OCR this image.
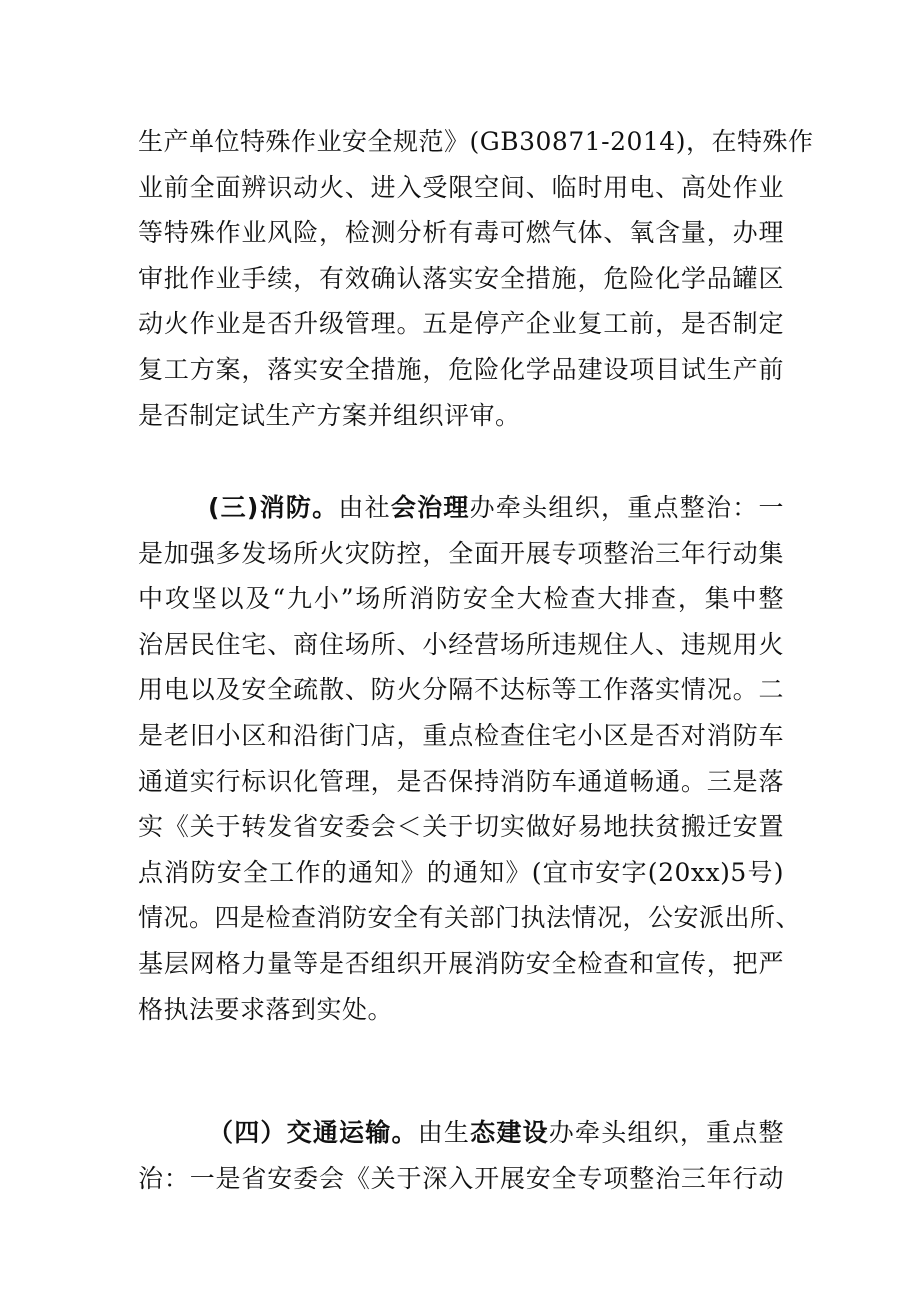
生产单位特殊作业安全规范》(GB30871-2014)，在特殊作
业前全面辨识动火、进入受限空间、临时用电、高处作业
等特殊作业风险，检测分析有毒可燃气体、氧含量，办理
审批作业手续，有效确认落实安全措施，危险化学品罐区
动火作业是否升级管理。五是停产企业复工前，是否制定
复工方案，落实安全措施，危险化学品建设项目试生产前
是否制定试生产方案并组织评审。

(三)消防。由社会治理办牵头组织，重点整治：一
是加强多发场所火灾防控，全面开展专项整治三年行动集
中攻坚以及“九小”场所消防安全大检查大排查，集中整
治居民住宅、商住场所、小经营场所违规住人、违规用火
用电以及安全疏散、防火分隔不达标等工作落实情况。二
是老旧小区和沿街门店，重点检查住宅小区是否对消防车
通道实行标识化管理，是否保持消防车通道畅通。三是落
实《关于转发省安委会＜关于切实做好易地扶贫搬迁安置
点消防安全工作的通知》的通知》(宜市安字(20xx)5号)
情况。四是检查消防安全有关部门执法情况，公安派出所、
基层网格力量等是否组织开展消防安全检查和宣传，把严
格执法要求落到实处。

（四）交通运输。由生态建设办牵头组织，重点整
治：一是省安委会《关于深入开展安全专项整治三年行动
